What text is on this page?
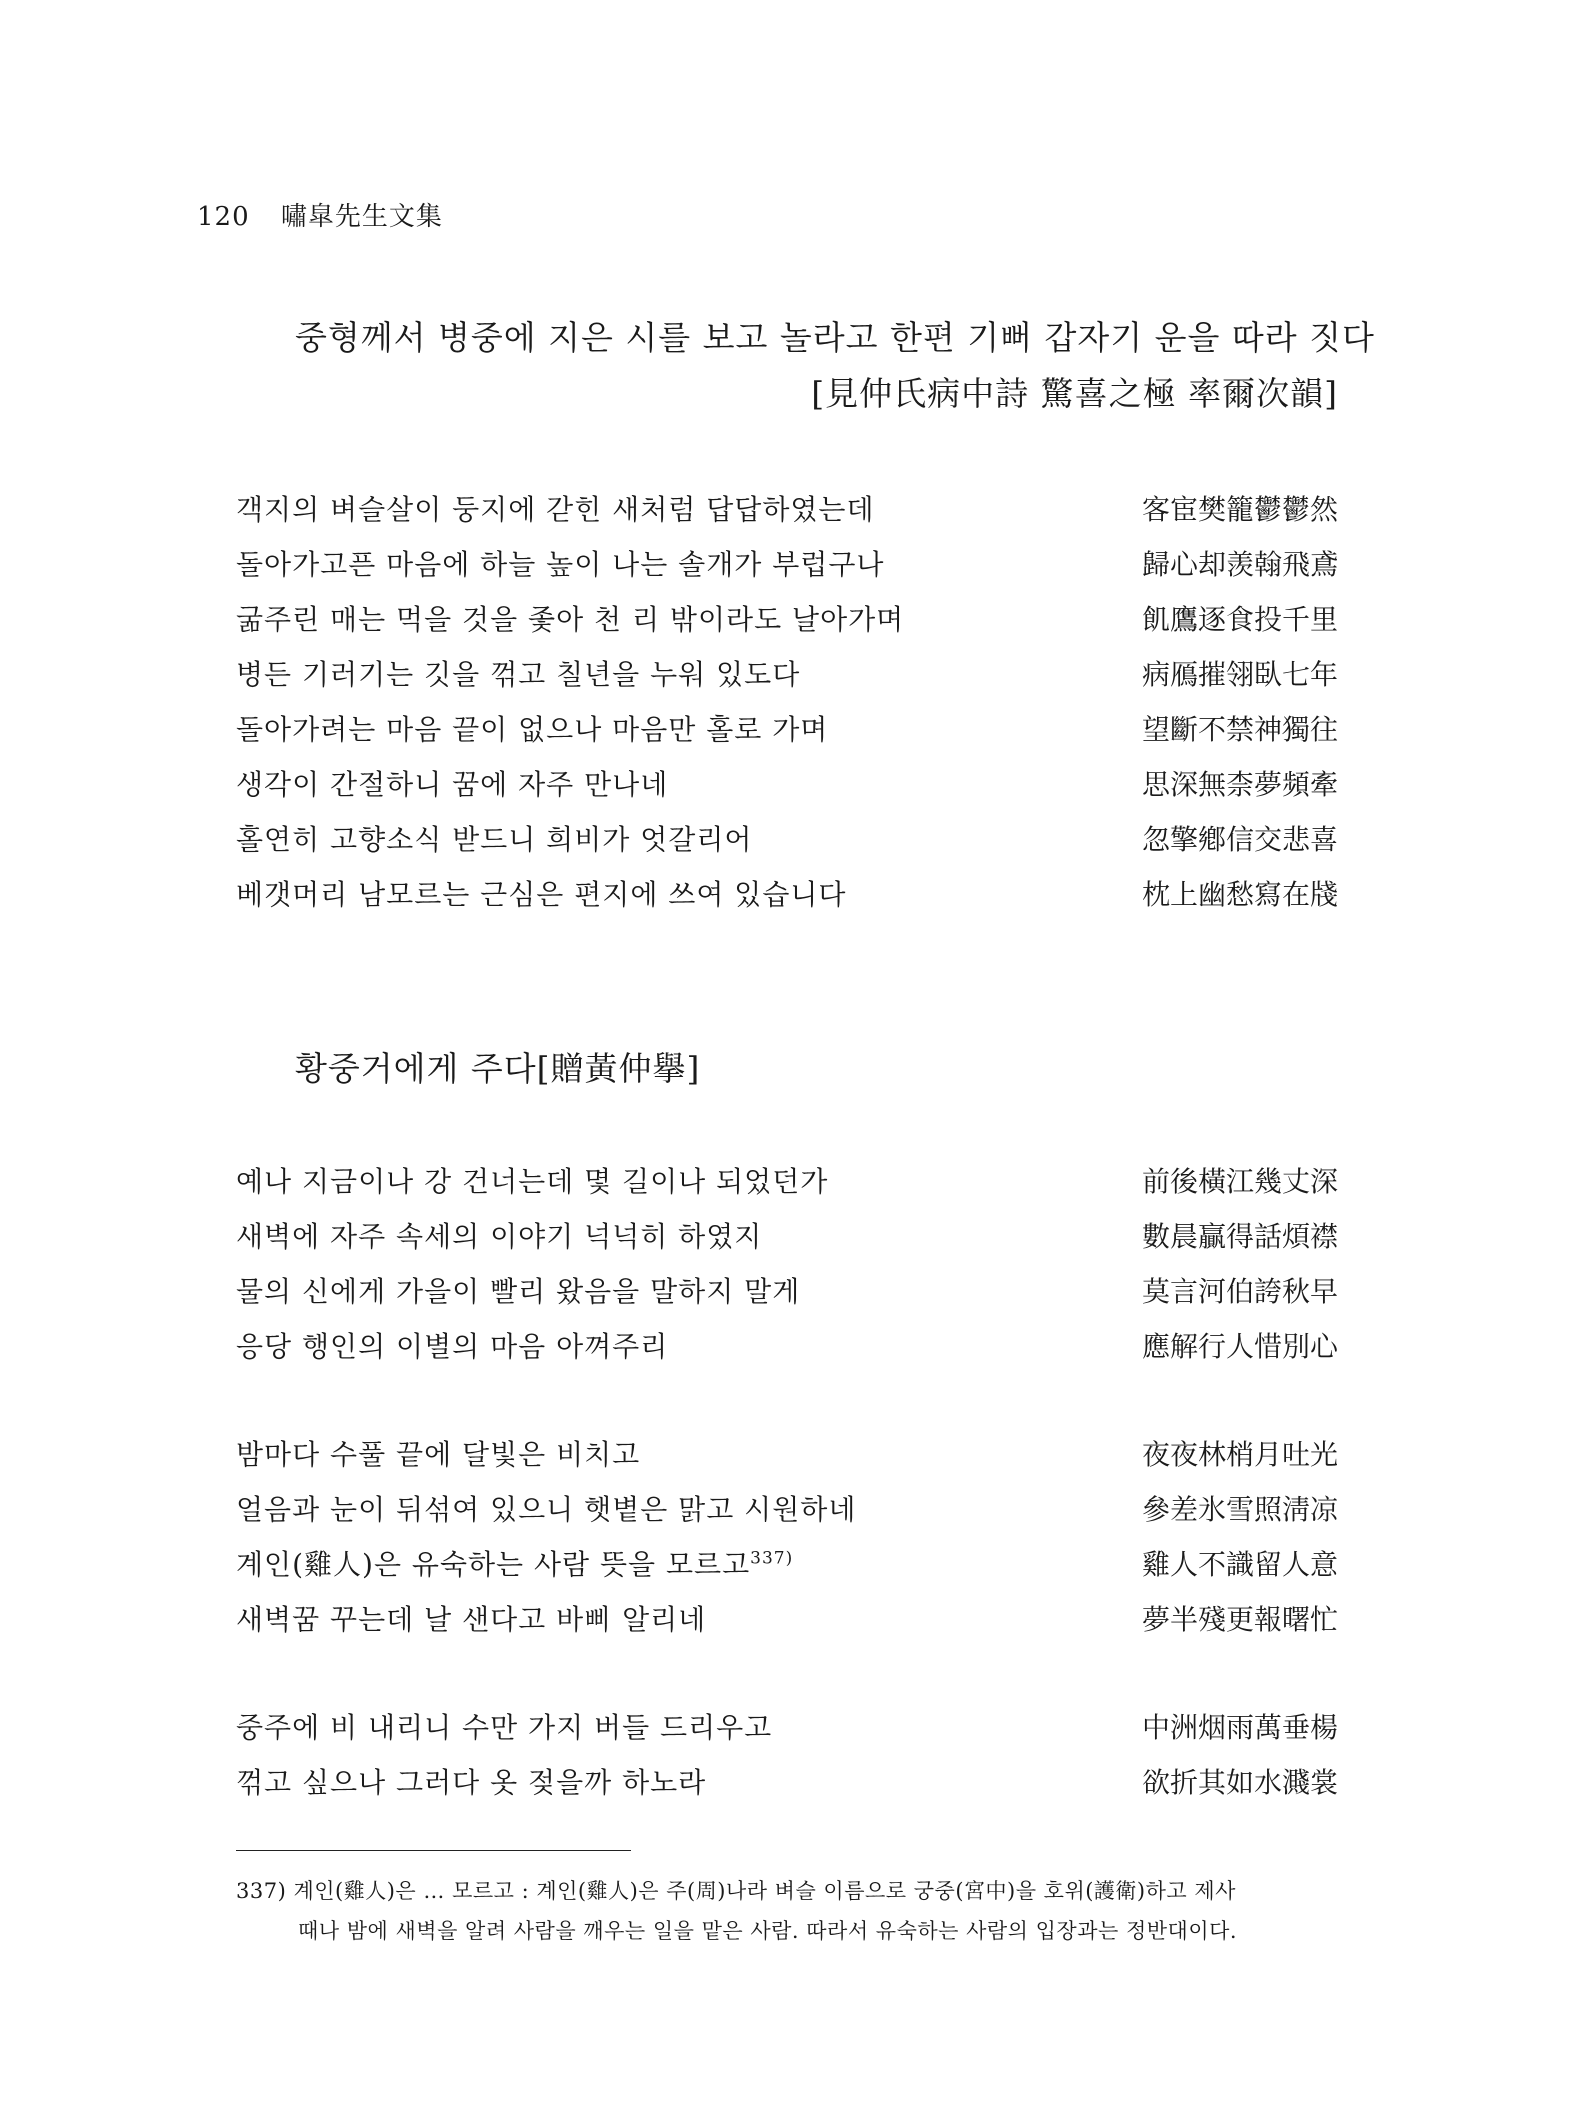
120 嘯皐先生文集
중형께서 병중에 지은 시를 보고 놀라고 한편 기뻐 갑자기 운을 따라 짓다
[見仲氏病中詩 驚喜之極 率爾次韻]
객지의 벼슬살이 둥지에 갇힌 새처럼 답답하였는데	客宦樊籠鬱鬱然
돌아가고픈 마음에 하늘 높이 나는 솔개가 부럽구나	歸心却羡翰飛鳶
굶주린 매는 먹을 것을 좇아 천 리 밖이라도 날아가며	飢鷹逐食投千里
병든 기러기는 깃을 꺾고 칠년을 누워 있도다	病鴈摧翎臥七年
돌아가려는 마음 끝이 없으나 마음만 홀로 가며	望斷不禁神獨往
생각이 간절하니 꿈에 자주 만나네	思深無柰夢頻牽
홀연히 고향소식 받드니 희비가 엇갈리어	忽擎鄕信交悲喜
베갯머리 남모르는 근심은 편지에 쓰여 있습니다	枕上幽愁寫在牋
황중거에게 주다[贈黃仲擧]
예나 지금이나 강 건너는데 몇 길이나 되었던가	前後橫江幾丈深
새벽에 자주 속세의 이야기 넉넉히 하였지	數晨贏得話煩襟
물의 신에게 가을이 빨리 왔음을 말하지 말게	莫言河伯誇秋早
응당 행인의 이별의 마음 아껴주리	應解行人惜別心
밤마다 수풀 끝에 달빛은 비치고	夜夜林梢月吐光
얼음과 눈이 뒤섞여 있으니 햇볕은 맑고 시원하네	參差氷雪照淸凉
계인(雞人)은 유숙하는 사람 뜻을 모르고$^{337)}$	雞人不識留人意
새벽꿈 꾸는데 날 샌다고 바삐 알리네	夢半殘更報曙忙
중주에 비 내리니 수만 가지 버들 드리우고	中洲烟雨萬垂楊
꺾고 싶으나 그러다 옷 젖을까 하노라	欲折其如水濺裳
337) 계인(雞人)은 … 모르고 : 계인(雞人)은 주(周)나라 벼슬 이름으로 궁중(宮中)을 호위(護衛)하고 제사
때나 밤에 새벽을 알려 사람을 깨우는 일을 맡은 사람. 따라서 유숙하는 사람의 입장과는 정반대이다.
